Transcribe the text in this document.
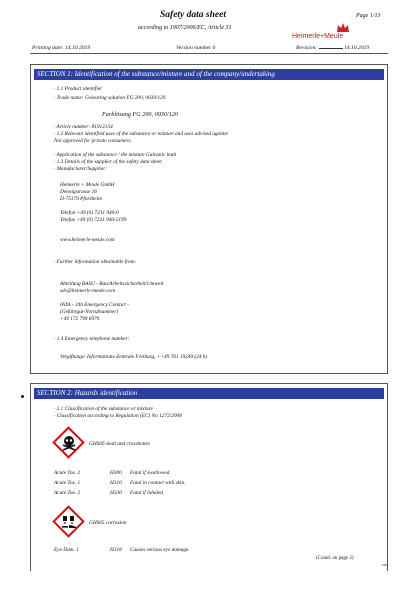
Page 1/13
Safety data sheet
according to 1907/2006/EC, Article 31
Heimerle+Meule
Printing date: 14.10.2019	Version number 6	Revision:	14.10.2019
SECTION 1: Identification of the substance/mixture and of the company/undertaking
· 1.1 Product identifier
· Trade name: Colouring solution FG 200, 0030/120
Farblösung FG 200, 0030/120
· Article number: 81012154
· 1.2 Relevant identified uses of the substance or mixture and uses advised against
Not approved for private consumers.
· Application of the substance / the mixture Galvanic bath
· 1.3 Details of the supplier of the safety data sheet
· Manufacturer/Supplier:
Heimerle + Meule GmbH
Dennigstrasse 16
D-75179 Pforzheim
Telefon +49 (0) 7231 940-0
Telefax +49 (0) 7231 940-2199
www.heimerle-meule.com
· Further information obtainable from:
Abteilung BASU - Bau/Arbeitssicherheit/Umwelt
sdc@heimerle-meule.com
IATA - 24h Emergency Contact -
(Gefahrgut-Notrufnummer)
+49 172 799 6970
· 1.4 Emergency telephone number:
Vergiftungs- Informations-Zentrale Freiburg, ++49 761 19240 (24 h)
SECTION 2: Hazards identification
· 2.1 Classification of the substance or mixture
· Classification according to Regulation (EC) No 1272/2008
GHS06 skull and crossbones
Acute Tox. 2	H300 Fatal if swallowed.
Acute Tox. 1	H310 Fatal in contact with skin.
Acute Tox. 2	H330 Fatal if inhaled.
GHS05 corrosion
Eye Dam. 1	H318 Causes serious eye damage.
(Contd. on page 2)
GB
